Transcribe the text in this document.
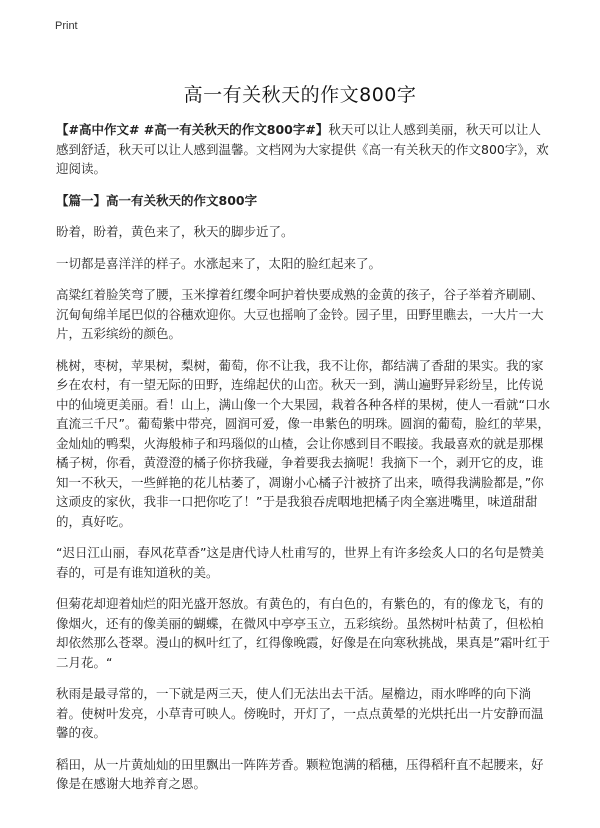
Print
高一有关秋天的作文800字

【#高中作文# #高一有关秋天的作文800字#】秋天可以让人感到美丽，秋天可以让人感到舒适，秋天可以让人感到温馨。文档网为大家提供《高一有关秋天的作文800字》，欢迎阅读。

【篇一】高一有关秋天的作文800字

盼着，盼着，黄色来了，秋天的脚步近了。

一切都是喜洋洋的样子。水涨起来了，太阳的脸红起来了。

高粱红着脸笑弯了腰，玉米撑着红缨伞呵护着快要成熟的金黄的孩子，谷子举着齐刷刷、沉甸甸绵羊尾巴似的谷穗欢迎你。大豆也摇响了金铃。园子里，田野里瞧去，一大片一大片，五彩缤纷的颜色。

桃树，枣树，苹果树，梨树，葡萄，你不让我，我不让你，都结满了香甜的果实。我的家乡在农村，有一望无际的田野，连绵起伏的山峦。秋天一到，满山遍野异彩纷呈，比传说中的仙境更美丽。看！山上，满山像一个大果园，栽着各种各样的果树，使人一看就“口水直流三千尺”。葡萄紫中带亮，圆润可爱，像一串紫色的明珠。圆润的葡萄，脸红的苹果，金灿灿的鸭梨，火海般柿子和玛瑙似的山楂，会让你感到目不暇接。我最喜欢的就是那棵橘子树，你看，黄澄澄的橘子你挤我碰，争着要我去摘呢！我摘下一个，剥开它的皮，谁知一不秋天，一些鲜艳的花儿枯萎了，凋谢小心橘子汁被挤了出来，喷得我满脸都是，”你这顽皮的家伙，我非一口把你吃了！”于是我狼吞虎咽地把橘子肉全塞进嘴里，味道甜甜的，真好吃。

“迟日江山丽，春风花草香”这是唐代诗人杜甫写的，世界上有许多绘炙人口的名句是赞美春的，可是有谁知道秋的美。

但菊花却迎着灿烂的阳光盛开怒放。有黄色的，有白色的，有紫色的，有的像龙飞，有的像烟火，还有的像美丽的蝴蝶，在微风中亭亭玉立，五彩缤纷。虽然树叶枯黄了，但松柏却依然那么苍翠。漫山的枫叶红了，红得像晚霞，好像是在向寒秋挑战，果真是”霜叶红于二月花。“

秋雨是最寻常的，一下就是两三天，使人们无法出去干活。屋檐边，雨水哗哗的向下淌着。使树叶发亮，小草青可映人。傍晚时，开灯了，一点点黄晕的光烘托出一片安静而温馨的夜。

稻田，从一片黄灿灿的田里飘出一阵阵芳香。颗粒饱满的稻穗，压得稻秆直不起腰来，好像是在感谢大地养育之恩。
